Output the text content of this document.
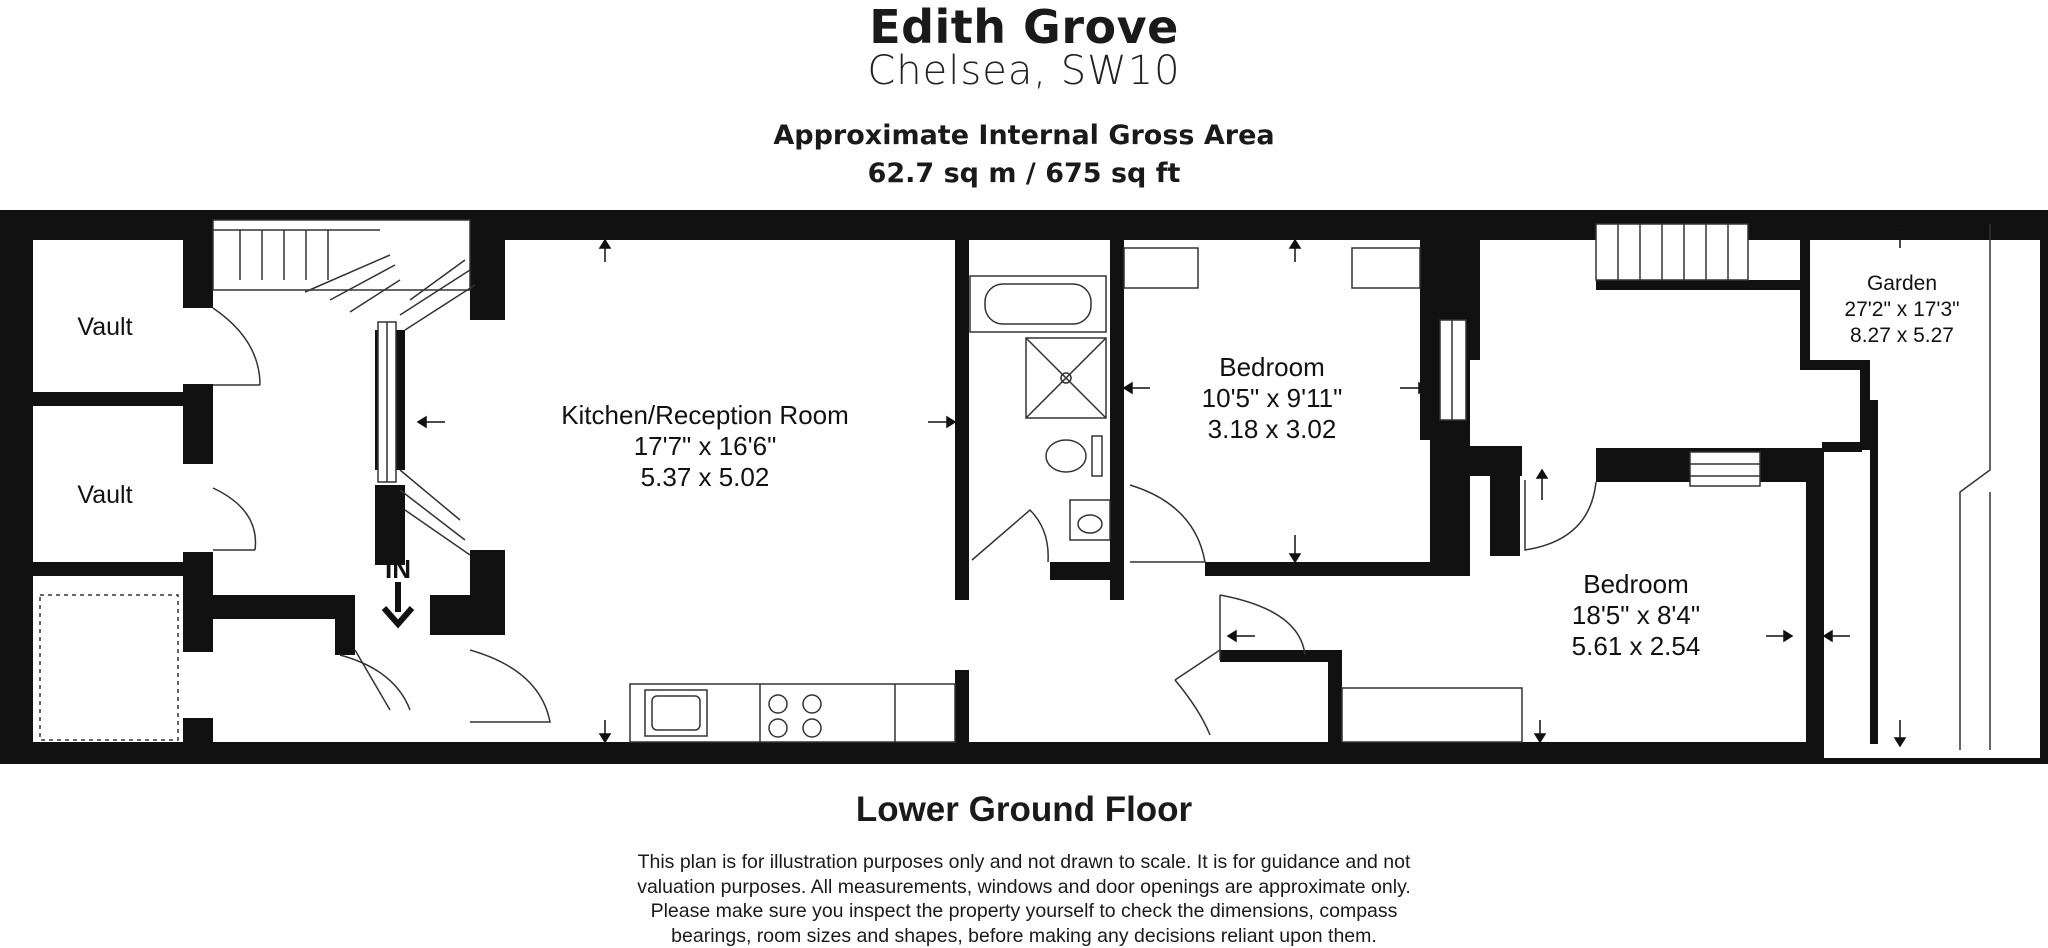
Edith Grove
Chelsea, SW10
Approximate Internal Gross Area
62.7 sq m / 675 sq ft
Vault
Vault
Kitchen/Reception Room
17'7" x 16'6"
5.37 x 5.02
Bedroom
10'5" x 9'11"
3.18 x 3.02
Bedroom
18'5" x 8'4"
5.61 x 2.54
Garden
27'2" x 17'3"
8.27 x 5.27
IN
Lower Ground Floor
This plan is for illustration purposes only and not drawn to scale. It is for guidance and not
valuation purposes. All measurements, windows and door openings are approximate only.
Please make sure you inspect the property yourself to check the dimensions, compass
bearings, room sizes and shapes, before making any decisions reliant upon them.
